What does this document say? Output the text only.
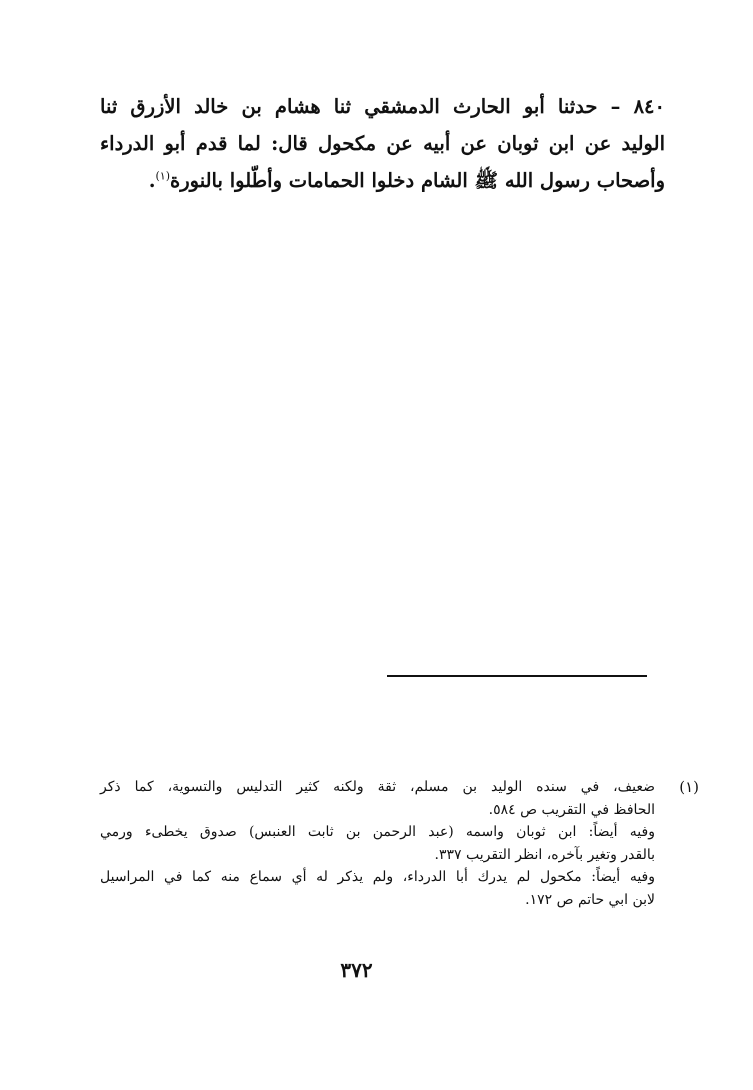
٨٤٠ – حدثنا أبو الحارث الدمشقي ثنا هشام بن خالد الأزرق ثنا
الوليد عن ابن ثوبان عن أبيه عن مكحول قال: لما قدم أبو الدرداء
وأصحاب رسول الله ﷺ الشام دخلوا الحمامات وأطّلوا بالنورة$^{(١)}$.
(١)
ضعيف، في سنده الوليد بن مسلم، ثقة ولكنه كثير التدليس والتسوية، كما ذكر
الحافظ في التقريب ص ٥٨٤.
وفيه أيضاً: ابن ثوبان واسمه (عبد الرحمن بن ثابت العنبس) صدوق يخطىء ورمي
بالقدر وتغير بآخره، انظر التقريب ٣٣٧.
وفيه أيضاً: مكحول لم يدرك أبا الدرداء، ولم يذكر له أي سماع منه كما في المراسيل
لابن ابي حاتم ص ١٧٢.
٣٧٢
